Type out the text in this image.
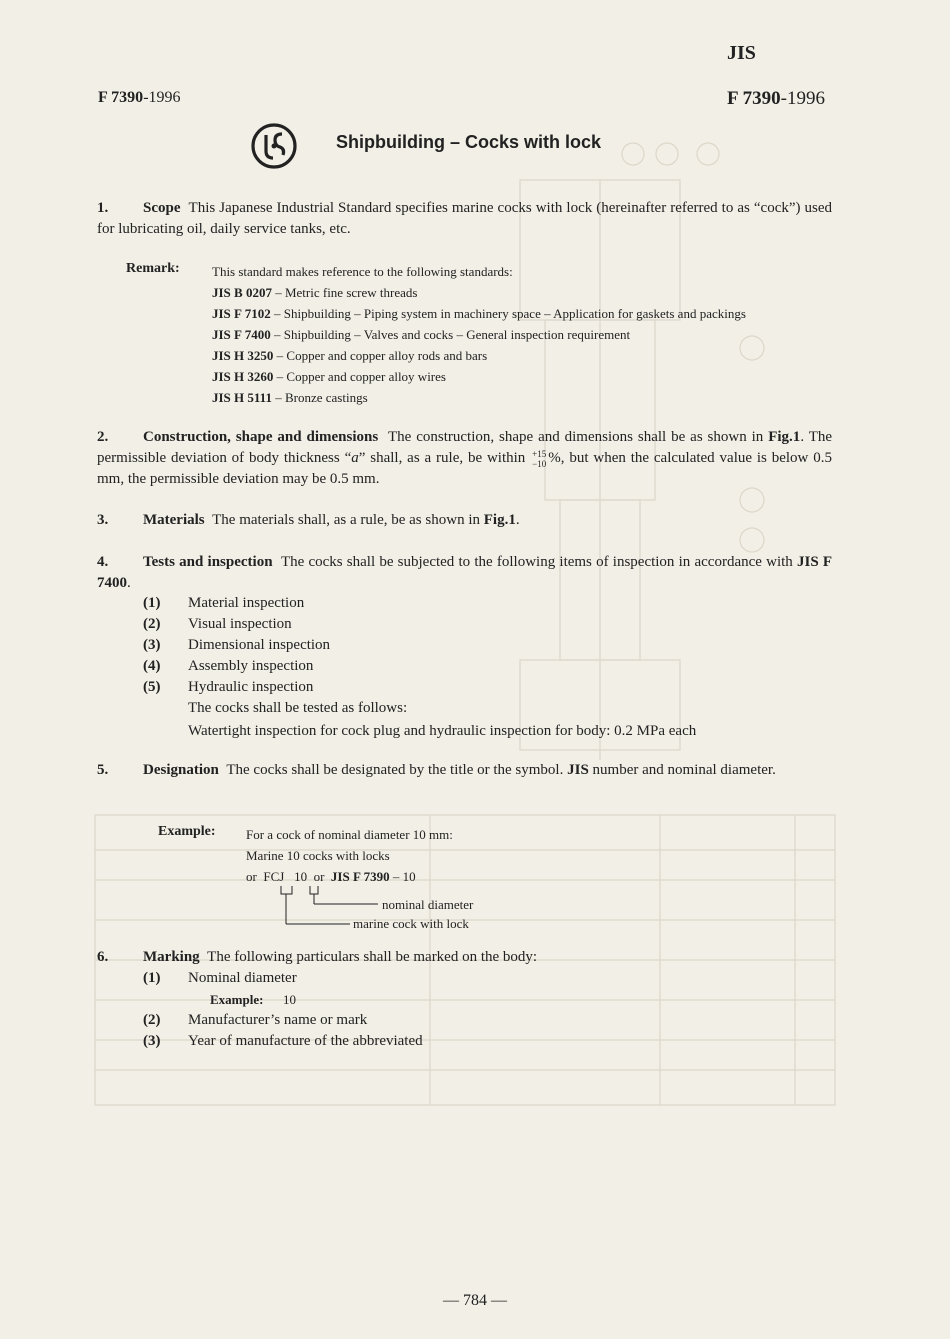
JIS
F 7390-1996	F 7390-1996
Shipbuilding – Cocks with lock
1. Scope This Japanese Industrial Standard specifies marine cocks with lock (hereinafter referred to as “cock”) used for lubricating oil, daily service tanks, etc.
Remark: This standard makes reference to the following standards:
JIS B 0207 – Metric fine screw threads
JIS F 7102 – Shipbuilding – Piping system in machinery space – Application for gaskets and packings
JIS F 7400 – Shipbuilding – Valves and cocks – General inspection requirement
JIS H 3250 – Copper and copper alloy rods and bars
JIS H 3260 – Copper and copper alloy wires
JIS H 5111 – Bronze castings
2. Construction, shape and dimensions The construction, shape and dimensions shall be as shown in Fig.1. The permissible deviation of body thickness “a” shall, as a rule, be within +15
−10 %, but when the calculated value is below 0.5 mm, the permissible deviation may be 0.5 mm.
3. Materials The materials shall, as a rule, be as shown in Fig.1.
4. Tests and inspection The cocks shall be subjected to the following items of inspection in accordance with JIS F 7400.
(1) Material inspection
(2) Visual inspection
(3) Dimensional inspection
(4) Assembly inspection
(5) Hydraulic inspection
The cocks shall be tested as follows:
Watertight inspection for cock plug and hydraulic inspection for body: 0.2 MPa each
5. Designation The cocks shall be designated by the title or the symbol. JIS number and nominal diameter.
Example: For a cock of nominal diameter 10 mm:
Marine 10 cocks with locks
or FCJ 10 or JIS F 7390 – 10
nominal diameter
marine cock with lock
6. Marking The following particulars shall be marked on the body:
(1) Nominal diameter
Example: 10
(2) Manufacturer’s name or mark
(3) Year of manufacture of the abbreviated
— 784 —
